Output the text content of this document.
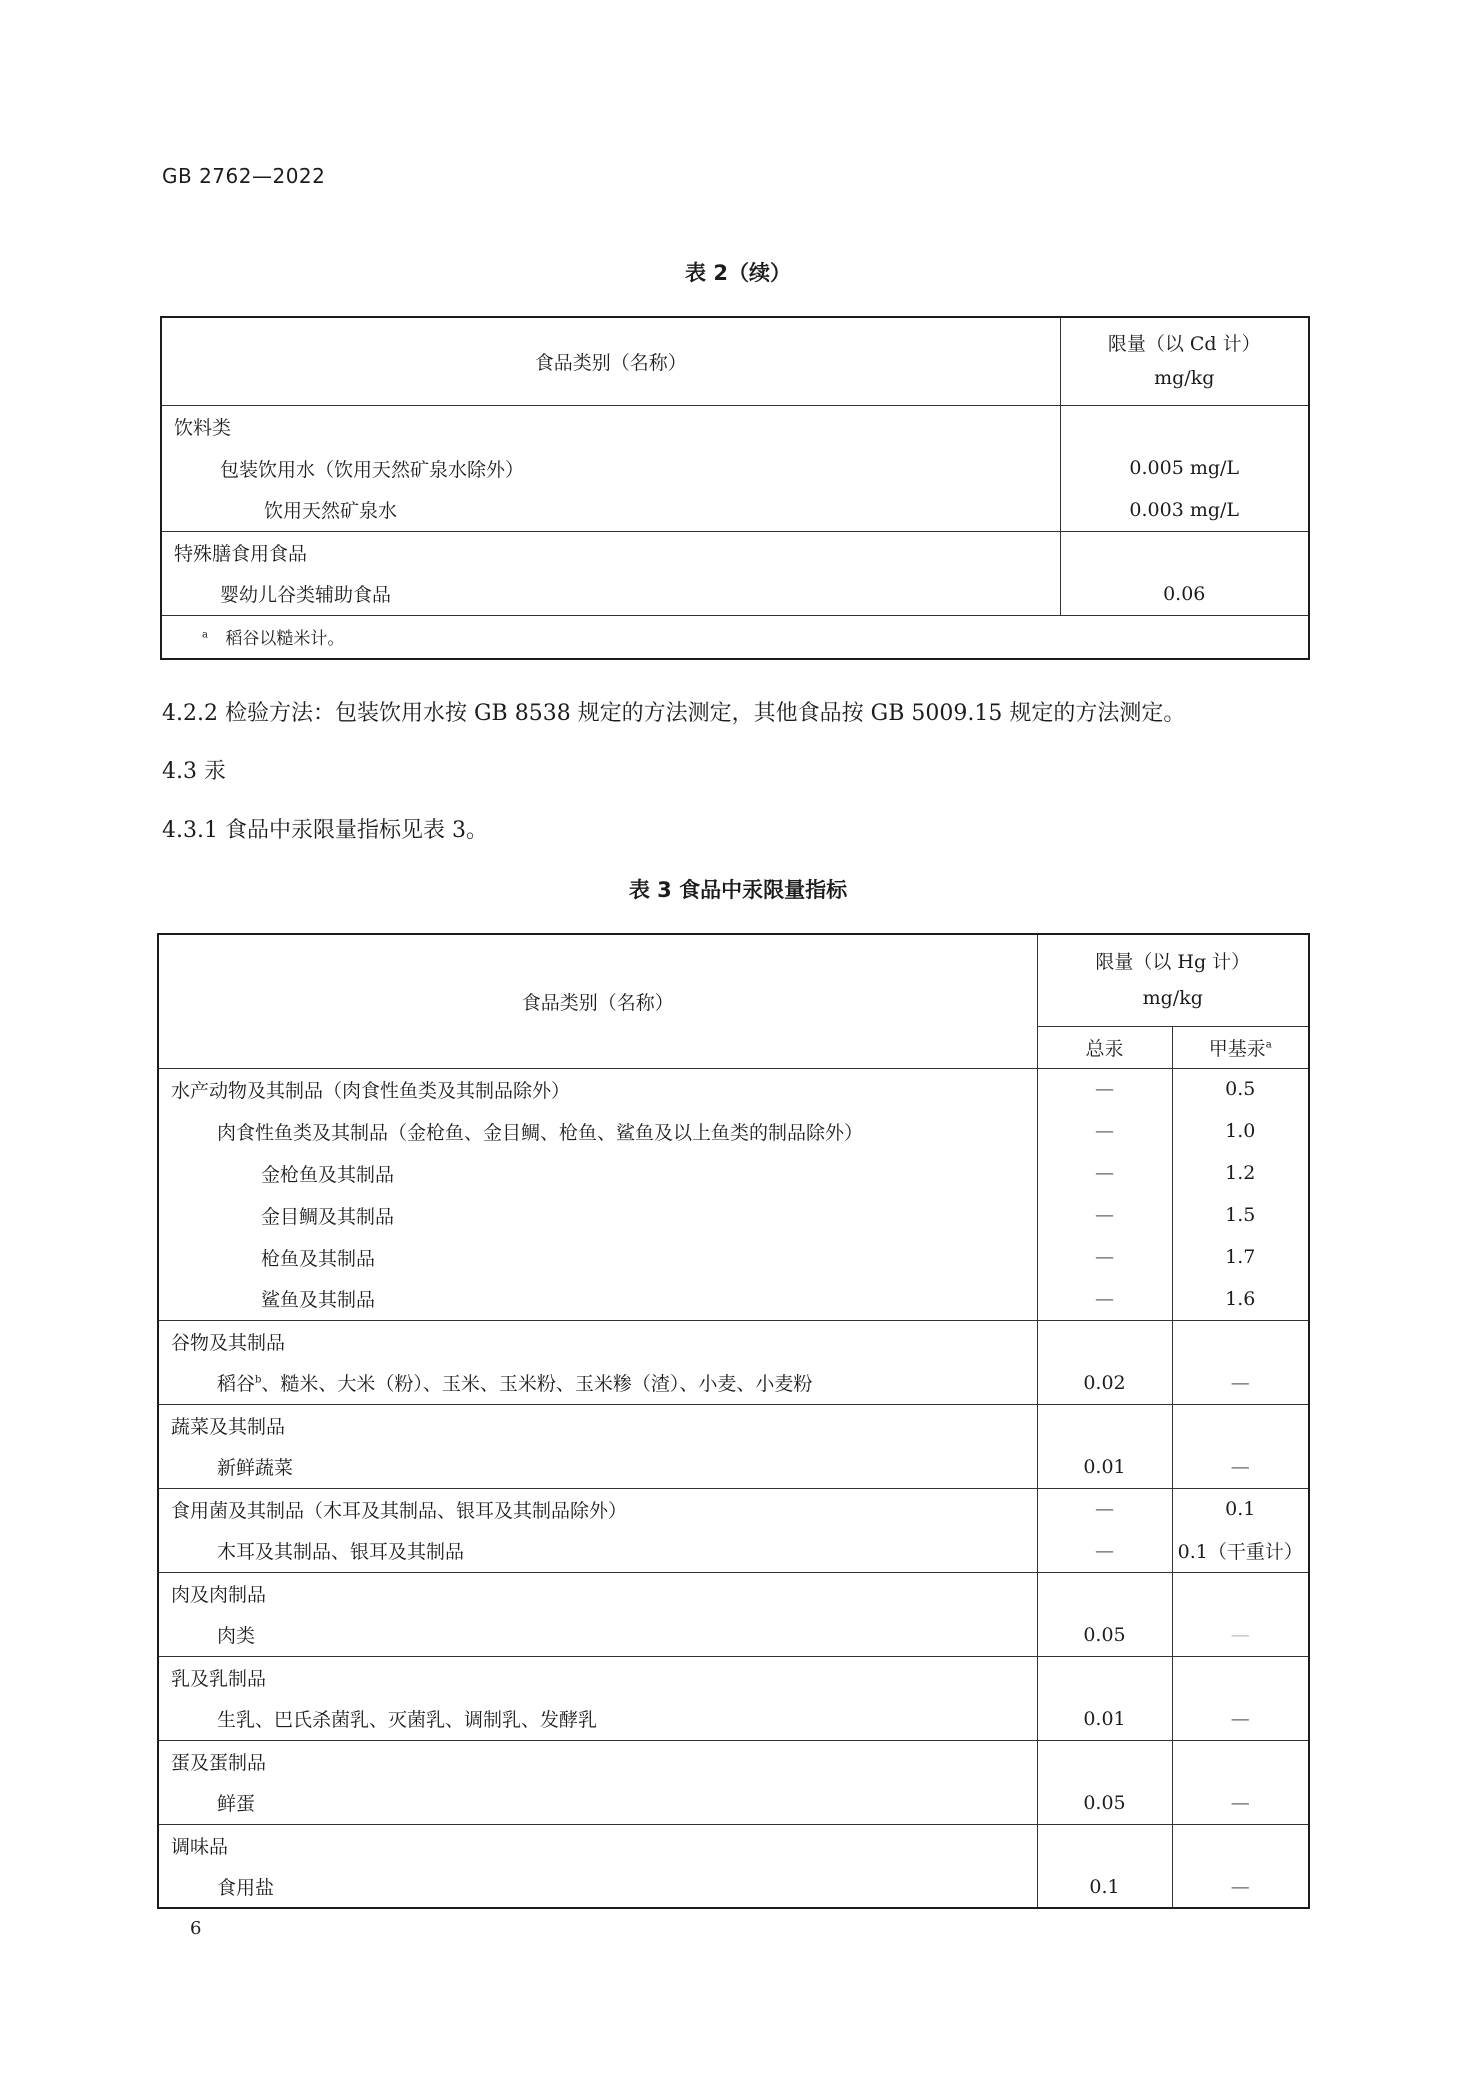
GB 2762—2022
表 2（续）
食品类别（名称）	限量（以 Cd 计）
mg/kg
饮料类	
包装饮用水（饮用天然矿泉水除外）	0.005 mg/L
饮用天然矿泉水	0.003 mg/L
特殊膳食用食品	
婴幼儿谷类辅助食品	0.06
$^a$ 稻谷以糙米计。	
4.2.2 检验方法：包装饮用水按 GB 8538 规定的方法测定，其他食品按 GB 5009.15 规定的方法测定。
4.3 汞
4.3.1 食品中汞限量指标见表 3。
表 3 食品中汞限量指标
食品类别（名称）	限量（以 Hg 计）
mg/kg	
	总汞	甲基汞$^a$
水产动物及其制品（肉食性鱼类及其制品除外）	—	0.5
肉食性鱼类及其制品（金枪鱼、金目鲷、枪鱼、鲨鱼及以上鱼类的制品除外）	—	1.0
金枪鱼及其制品	—	1.2
金目鲷及其制品	—	1.5
枪鱼及其制品	—	1.7
鲨鱼及其制品	—	1.6
谷物及其制品		
稻谷$^b$、糙米、大米（粉）、玉米、玉米粉、玉米糁（渣）、小麦、小麦粉	0.02	—
蔬菜及其制品		
新鲜蔬菜	0.01	—
食用菌及其制品（木耳及其制品、银耳及其制品除外）	—	0.1
木耳及其制品、银耳及其制品	—	0.1（干重计）
肉及肉制品		
肉类	0.05	—
乳及乳制品		
生乳、巴氏杀菌乳、灭菌乳、调制乳、发酵乳	0.01	—
蛋及蛋制品		
鲜蛋	0.05	—
调味品		
食用盐	0.1	—
6
